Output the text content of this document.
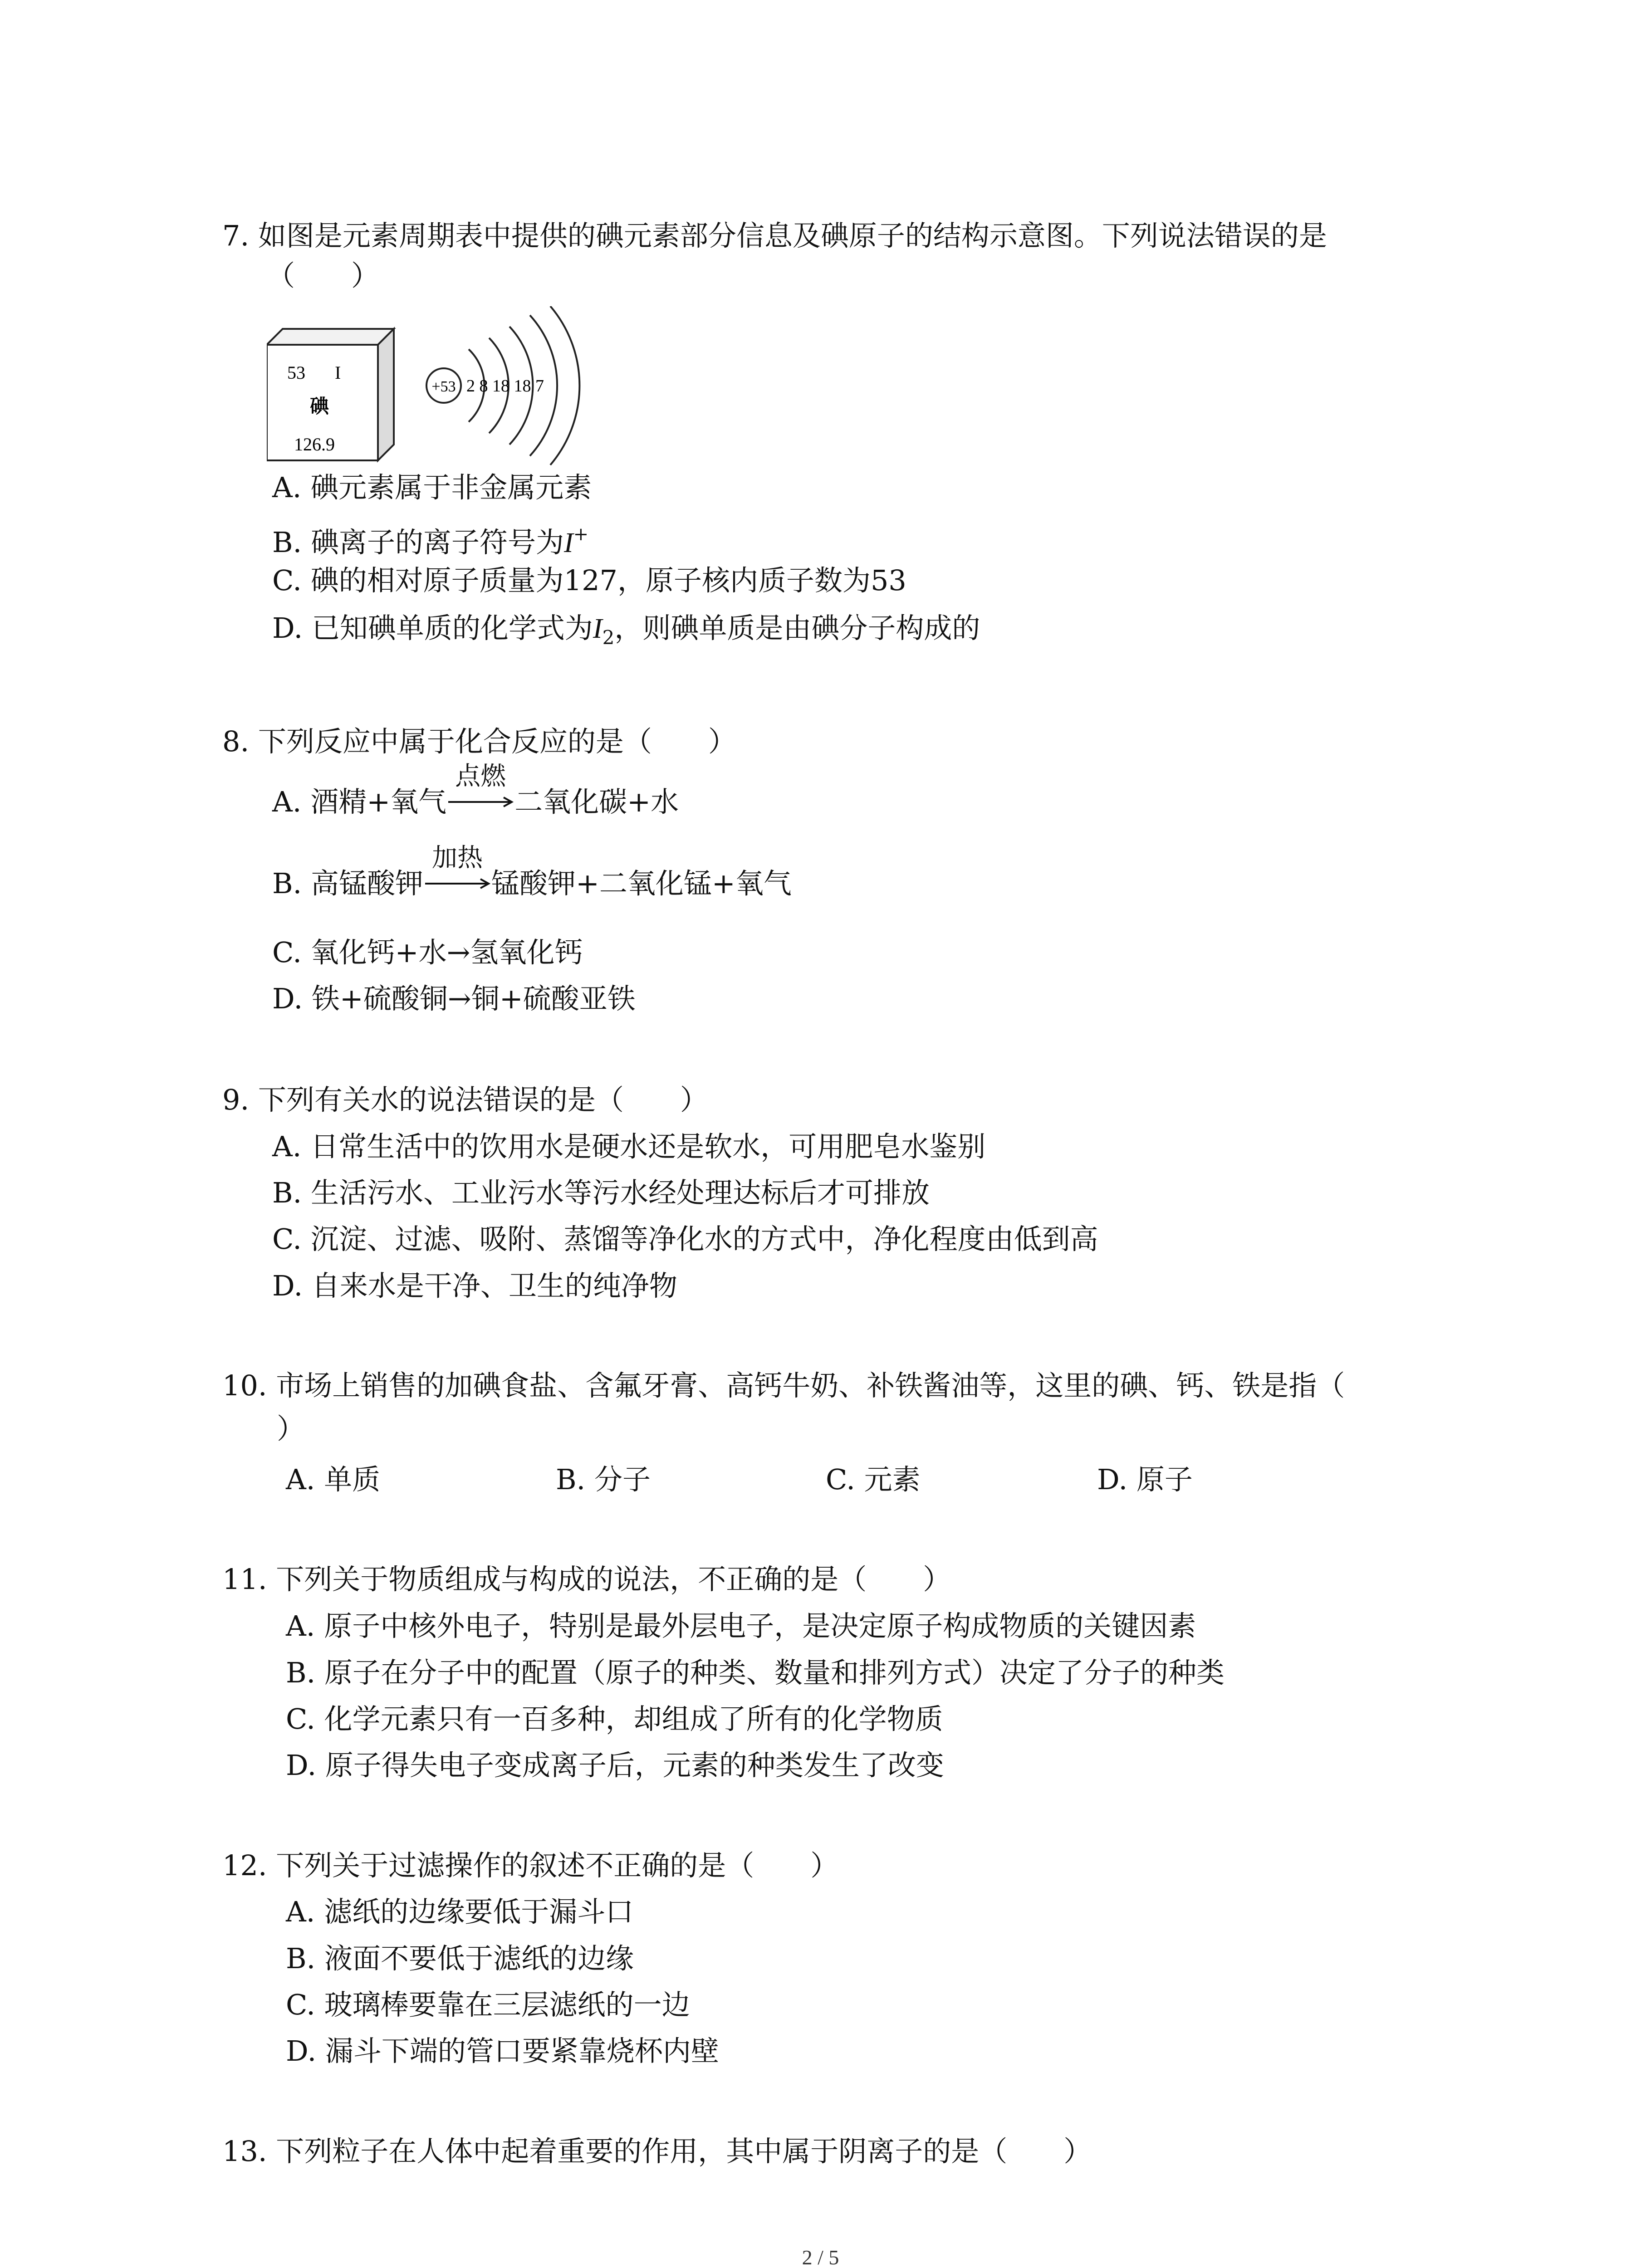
7. 如图是元素周期表中提供的碘元素部分信息及碘原子的结构示意图。下列说法错误的是
（　　）
53 I
碘
126.9
+53 2 8 18 18 7
A. 碘元素属于非金属元素
B. 碘离子的离子符号为I+
C. 碘的相对原子质量为127，原子核内质子数为53
D. 已知碘单质的化学式为$I_2$，则碘单质是由碘分子构成的
8. 下列反应中属于化合反应的是（　　）
A. 酒精+氧气
点燃
二氧化碳+水
B. 高锰酸钾
加热
锰酸钾+二氧化锰+氧气
C. 氧化钙+水→氢氧化钙
D. 铁+硫酸铜→铜+硫酸亚铁
9. 下列有关水的说法错误的是（　　）
A. 日常生活中的饮用水是硬水还是软水，可用肥皂水鉴别
B. 生活污水、工业污水等污水经处理达标后才可排放
C. 沉淀、过滤、吸附、蒸馏等净化水的方式中，净化程度由低到高
D. 自来水是干净、卫生的纯净物
10. 市场上销售的加碘食盐、含氟牙膏、高钙牛奶、补铁酱油等，这里的碘、钙、铁是指（
）
A. 单质	B. 分子	C. 元素	D. 原子
11. 下列关于物质组成与构成的说法，不正确的是（　　）
A. 原子中核外电子，特别是最外层电子，是决定原子构成物质的关键因素
B. 原子在分子中的配置（原子的种类、数量和排列方式）决定了分子的种类
C. 化学元素只有一百多种，却组成了所有的化学物质
D. 原子得失电子变成离子后，元素的种类发生了改变
12. 下列关于过滤操作的叙述不正确的是（　　）
A. 滤纸的边缘要低于漏斗口
B. 液面不要低于滤纸的边缘
C. 玻璃棒要靠在三层滤纸的一边
D. 漏斗下端的管口要紧靠烧杯内壁
13. 下列粒子在人体中起着重要的作用，其中属于阴离子的是（　　）
2 / 5
